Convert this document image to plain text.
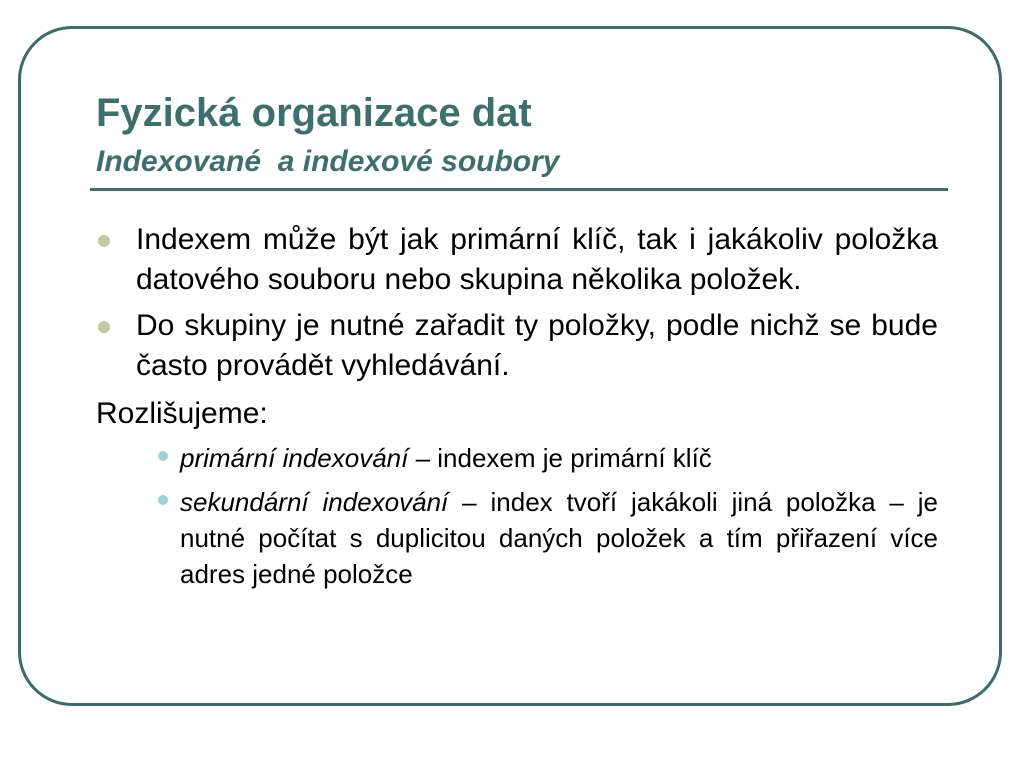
Fyzická organizace dat
Indexované  a indexové soubory
Indexem může být jak primární klíč, tak i jakákoliv položka datového souboru nebo skupina několika položek.
Do skupiny je nutné zařadit ty položky, podle nichž se bude často provádět vyhledávání.
Rozlišujeme:
primární indexování – indexem je primární klíč
sekundární indexování – index tvoří jakákoli jiná položka – je nutné počítat s duplicitou daných položek a tím přiřazení více adres jedné položce
